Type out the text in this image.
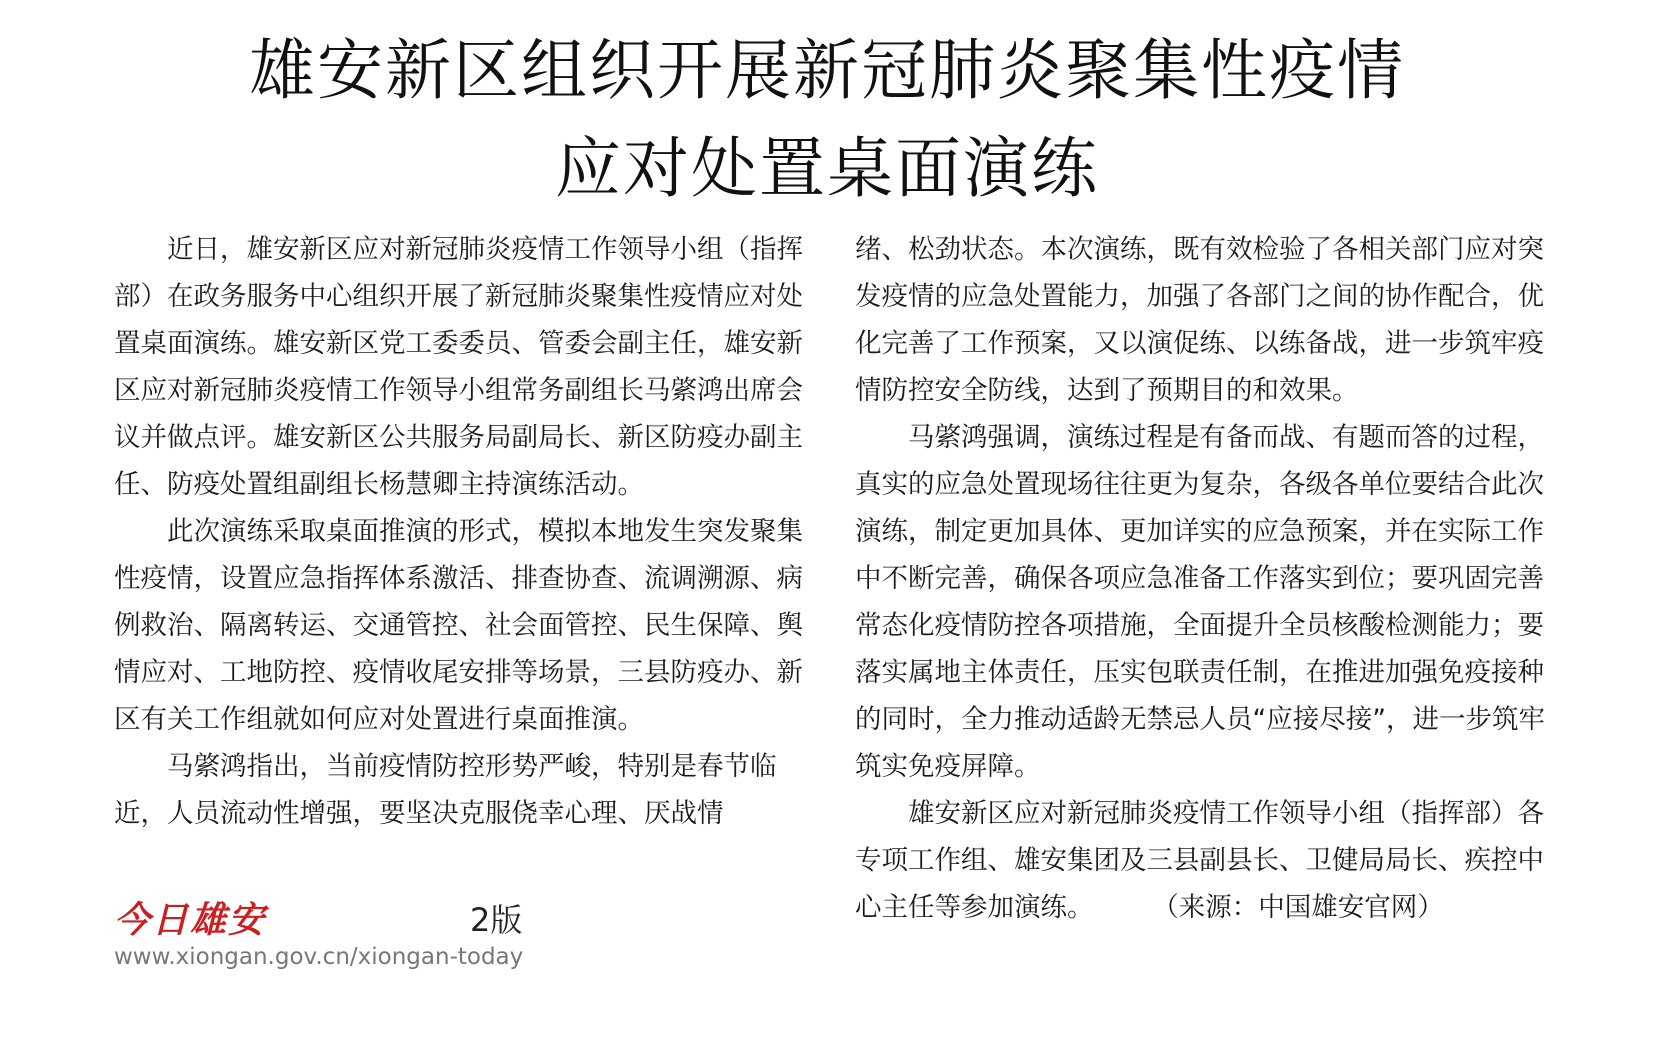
雄安新区组织开展新冠肺炎聚集性疫情
应对处置桌面演练

近日，雄安新区应对新冠肺炎疫情工作领导小组（指挥部）在政务服务中心组织开展了新冠肺炎聚集性疫情应对处置桌面演练。雄安新区党工委委员、管委会副主任，雄安新区应对新冠肺炎疫情工作领导小组常务副组长马綮鸿出席会议并做点评。雄安新区公共服务局副局长、新区防疫办副主任、防疫处置组副组长杨慧卿主持演练活动。

此次演练采取桌面推演的形式，模拟本地发生突发聚集性疫情，设置应急指挥体系激活、排查协查、流调溯源、病例救治、隔离转运、交通管控、社会面管控、民生保障、舆情应对、工地防控、疫情收尾安排等场景，三县防疫办、新区有关工作组就如何应对处置进行桌面推演。

马綮鸿指出，当前疫情防控形势严峻，特别是春节临近，人员流动性增强，要坚决克服侥幸心理、厌战情

绪、松劲状态。本次演练，既有效检验了各相关部门应对突发疫情的应急处置能力，加强了各部门之间的协作配合，优化完善了工作预案，又以演促练、以练备战，进一步筑牢疫情防控安全防线，达到了预期目的和效果。

马綮鸿强调，演练过程是有备而战、有题而答的过程，真实的应急处置现场往往更为复杂，各级各单位要结合此次演练，制定更加具体、更加详实的应急预案，并在实际工作中不断完善，确保各项应急准备工作落实到位；要巩固完善常态化疫情防控各项措施，全面提升全员核酸检测能力；要落实属地主体责任，压实包联责任制，在推进加强免疫接种的同时，全力推动适龄无禁忌人员“应接尽接”，进一步筑牢筑实免疫屏障。

雄安新区应对新冠肺炎疫情工作领导小组（指挥部）各专项工作组、雄安集团及三县副县长、卫健局局长、疾控中心主任等参加演练。	（来源：中国雄安官网）

今日雄安	2版
www.xiongan.gov.cn/xiongan-today
